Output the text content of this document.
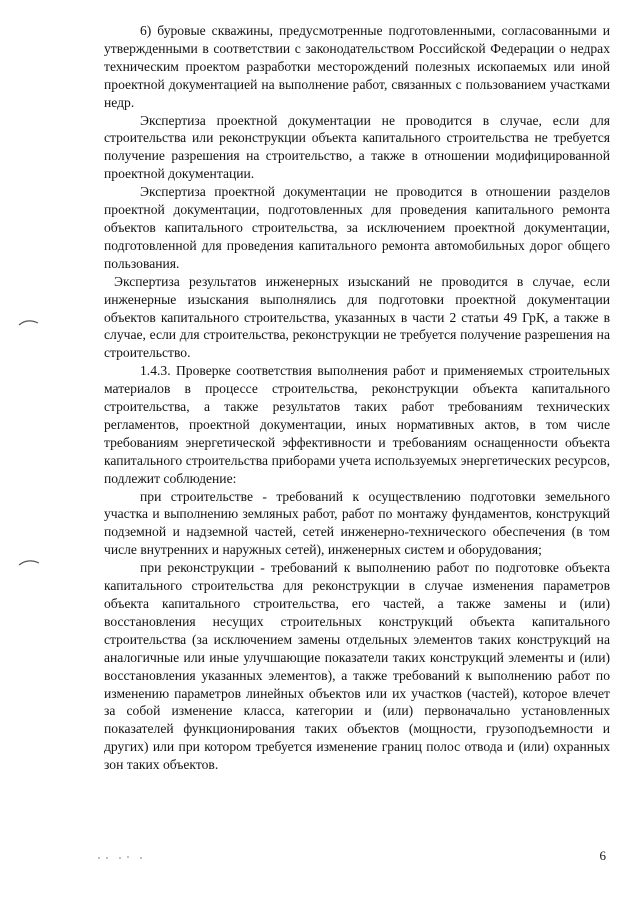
6) буровые скважины, предусмотренные подготовленными, согласованными и утвержденными в соответствии с законодательством Российской Федерации о недрах техническим проектом разработки месторождений полезных ископаемых или иной проектной документацией на выполнение работ, связанных с пользованием участками недр.

Экспертиза проектной документации не проводится в случае, если для строительства или реконструкции объекта капитального строительства не требуется получение разрешения на строительство, а также в отношении модифицированной проектной документации.

Экспертиза проектной документации не проводится в отношении разделов проектной документации, подготовленных для проведения капитального ремонта объектов капитального строительства, за исключением проектной документации, подготовленной для проведения капитального ремонта автомобильных дорог общего пользования.

Экспертиза результатов инженерных изысканий не проводится в случае, если инженерные изыскания выполнялись для подготовки проектной документации объектов капитального строительства, указанных в части 2 статьи 49 ГрК, а также в случае, если для строительства, реконструкции не требуется получение разрешения на строительство.

1.4.3. Проверке соответствия выполнения работ и применяемых строительных материалов в процессе строительства, реконструкции объекта капитального строительства, а также результатов таких работ требованиям технических регламентов, проектной документации, иных нормативных актов, в том числе требованиям энергетической эффективности и требованиям оснащенности объекта капитального строительства приборами учета используемых энергетических ресурсов, подлежит соблюдение:

при строительстве - требований к осуществлению подготовки земельного участка и выполнению земляных работ, работ по монтажу фундаментов, конструкций подземной и надземной частей, сетей инженерно-технического обеспечения (в том числе внутренних и наружных сетей), инженерных систем и оборудования;

при реконструкции - требований к выполнению работ по подготовке объекта капитального строительства для реконструкции в случае изменения параметров объекта капитального строительства, его частей, а также замены и (или) восстановления несущих строительных конструкций объекта капитального строительства (за исключением замены отдельных элементов таких конструкций на аналогичные или иные улучшающие показатели таких конструкций элементы и (или) восстановления указанных элементов), а также требований к выполнению работ по изменению параметров линейных объектов или их участков (частей), которое влечет за собой изменение класса, категории и (или) первоначально установленных показателей функционирования таких объектов (мощности, грузоподъемности и других) или при котором требуется изменение границ полос отвода и (или) охранных зон таких объектов.

6
